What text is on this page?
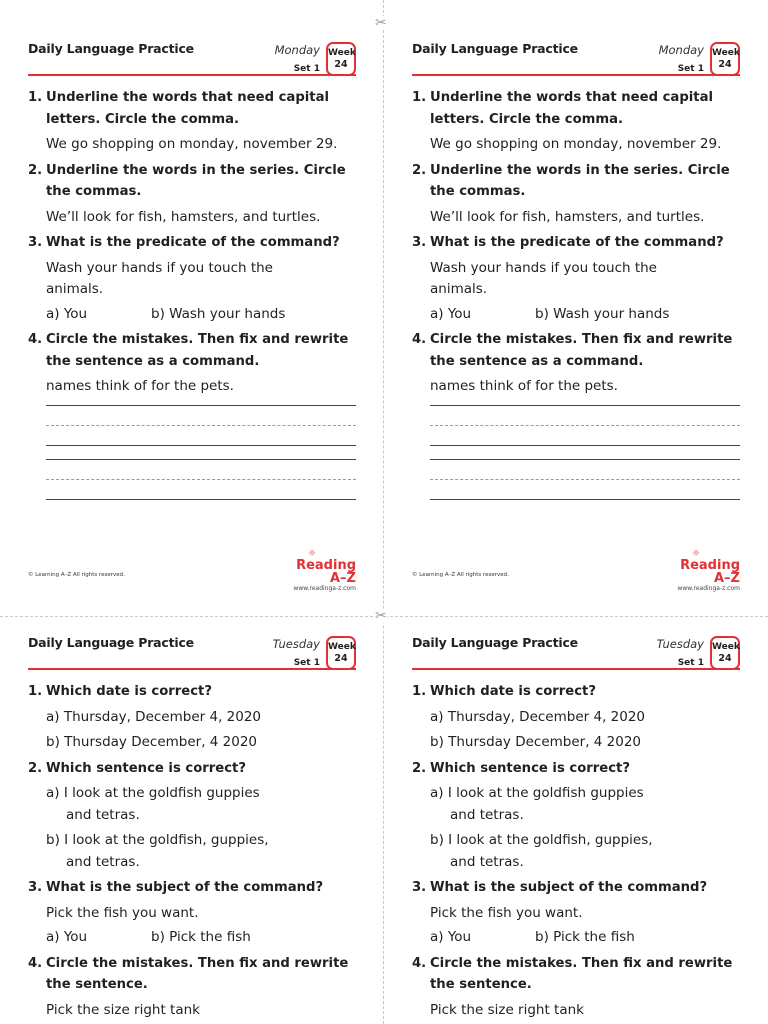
✂
✂
Daily Language Practice	Monday
Set 1
Week
24
1. Underline the words that need capital letters. Circle the comma.
We go shopping on monday, november 29.
2. Underline the words in the series. Circle the commas.
We’ll look for fish, hamsters, and turtles.
3. What is the predicate of the command?
Wash your hands if you touch the animals.
a) You	b) Wash your hands
4. Circle the mistakes. Then fix and rewrite the sentence as a command.
names think of for the pets.
© Learning A–Z All rights reserved.
☼
Reading A–Z
www.readinga-z.com
Daily Language Practice	Monday
Set 1
Week
24
1. Underline the words that need capital letters. Circle the comma.
We go shopping on monday, november 29.
2. Underline the words in the series. Circle the commas.
We’ll look for fish, hamsters, and turtles.
3. What is the predicate of the command?
Wash your hands if you touch the animals.
a) You	b) Wash your hands
4. Circle the mistakes. Then fix and rewrite the sentence as a command.
names think of for the pets.
© Learning A–Z All rights reserved.
☼
Reading A–Z
www.readinga-z.com
Daily Language Practice	Tuesday
Set 1
Week
24
1. Which date is correct?
a) Thursday, December 4, 2020
b) Thursday December, 4 2020
2. Which sentence is correct?
a) I look at the goldfish guppies
and tetras.
b) I look at the goldfish, guppies,
and tetras.
3. What is the subject of the command?
Pick the fish you want.
a) You	b) Pick the fish
4. Circle the mistakes. Then fix and rewrite the sentence.
Pick the size right tank
Daily Language Practice	Tuesday
Set 1
Week
24
1. Which date is correct?
a) Thursday, December 4, 2020
b) Thursday December, 4 2020
2. Which sentence is correct?
a) I look at the goldfish guppies
and tetras.
b) I look at the goldfish, guppies,
and tetras.
3. What is the subject of the command?
Pick the fish you want.
a) You	b) Pick the fish
4. Circle the mistakes. Then fix and rewrite the sentence.
Pick the size right tank
